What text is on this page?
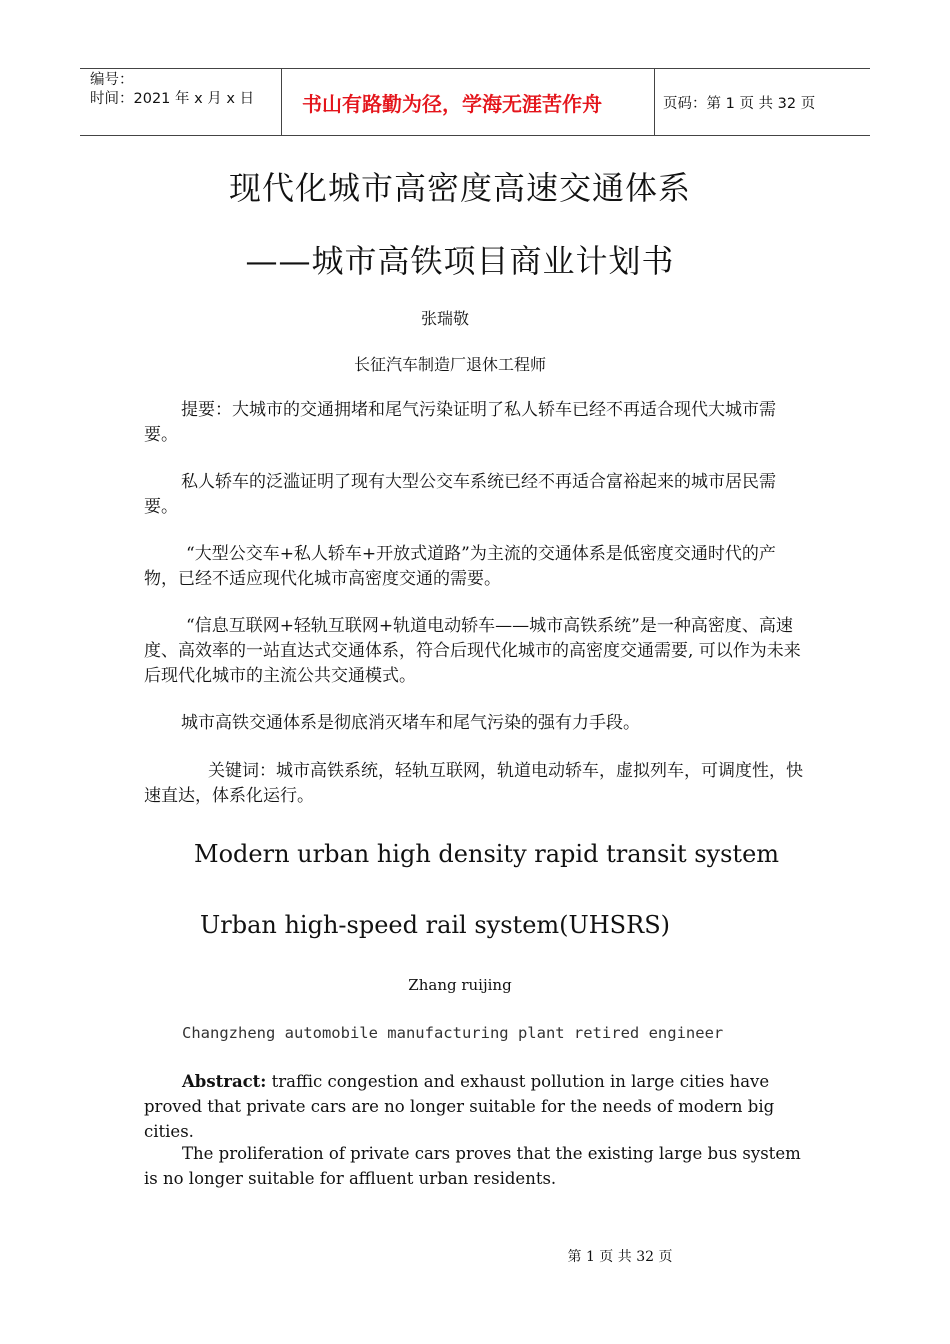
编号：
时间：2021 年 x 月 x 日	书山有路勤为径，学海无涯苦作舟	页码：第 1 页 共 32 页
现代化城市高密度高速交通体系
——城市高铁项目商业计划书
张瑞敬
长征汽车制造厂退休工程师
提要：大城市的交通拥堵和尾气污染证明了私人轿车已经不再适合现代大城市需要。
私人轿车的泛滥证明了现有大型公交车系统已经不再适合富裕起来的城市居民需要。
“大型公交车+私人轿车+开放式道路”为主流的交通体系是低密度交通时代的产物，已经不适应现代化城市高密度交通的需要。
“信息互联网+轻轨互联网+轨道电动轿车——城市高铁系统”是一种高密度、高速度、高效率的一站直达式交通体系，符合后现代化城市的高密度交通需要, 可以作为未来后现代化城市的主流公共交通模式。
城市高铁交通体系是彻底消灭堵车和尾气污染的强有力手段。
关键词：城市高铁系统，轻轨互联网，轨道电动轿车，虚拟列车，可调度性，快速直达，体系化运行。
Modern urban high density rapid transit system
Urban high-speed rail system(UHSRS)
Zhang ruijing
Changzheng automobile manufacturing plant retired engineer
Abstract: traffic congestion and exhaust pollution in large cities have proved that private cars are no longer suitable for the needs of modern big cities.
The proliferation of private cars proves that the existing large bus system is no longer suitable for affluent urban residents.
第 1 页 共 32 页
